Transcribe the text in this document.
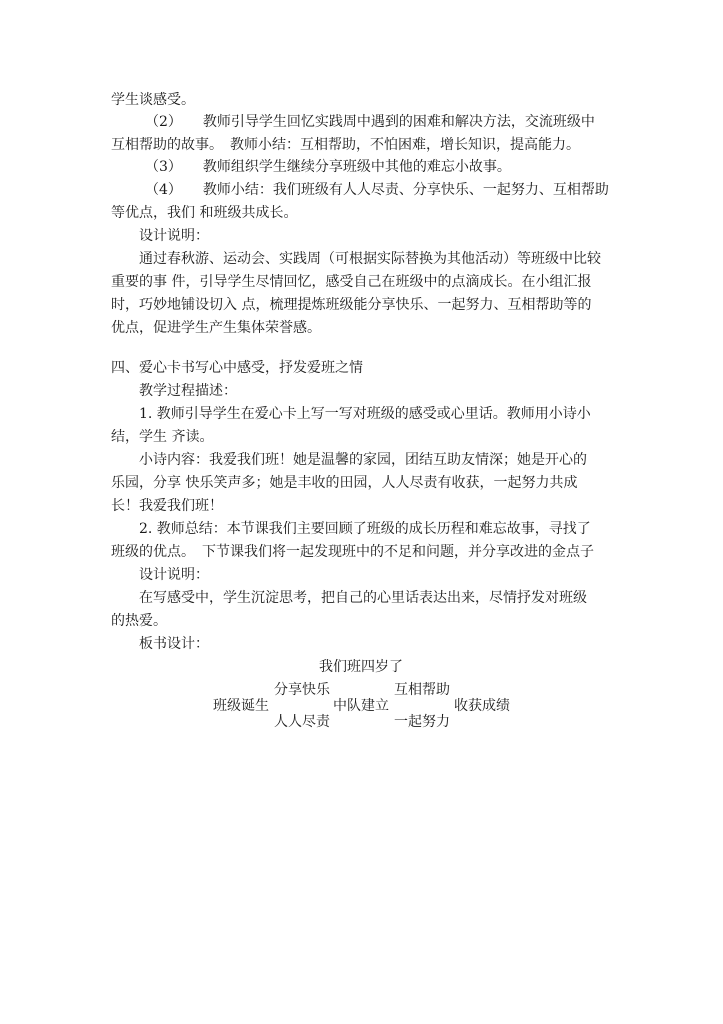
学生谈感受。
（2）　　教师引导学生回忆实践周中遇到的困难和解决方法，交流班级中
互相帮助的故事。　教师小结：互相帮助，不怕困难，增长知识，提高能力。
（3）　　教师组织学生继续分享班级中其他的难忘小故事。
（4）　　教师小结：我们班级有人人尽责、分享快乐、一起努力、互相帮助
等优点，我们 和班级共成长。
设计说明：
通过春秋游、运动会、实践周（可根据实际替换为其他活动）等班级中比较
重要的事 件，引导学生尽情回忆，感受自己在班级中的点滴成长。在小组汇报
时，巧妙地铺设切入 点，梳理提炼班级能分享快乐、一起努力、互相帮助等的
优点，促进学生产生集体荣誉感。
四、爱心卡书写心中感受，抒发爱班之情
教学过程描述：
1. 教师引导学生在爱心卡上写一写对班级的感受或心里话。教师用小诗小
结，学生 齐读。
小诗内容：我爱我们班！她是温馨的家园，团结互助友情深；她是开心的
乐园，分享 快乐笑声多；她是丰收的田园，人人尽责有收获，一起努力共成
长！我爱我们班！
2. 教师总结：本节课我们主要回顾了班级的成长历程和难忘故事，寻找了
班级的优点。　下节课我们将一起发现班中的不足和问题，并分享改进的金点子
设计说明：
在写感受中，学生沉淀思考，把自己的心里话表达出来，尽情抒发对班级
的热爱。
板书设计：
我们班四岁了
分享快乐	互相帮助
班级诞生	中队建立	收获成绩
人人尽责	一起努力
